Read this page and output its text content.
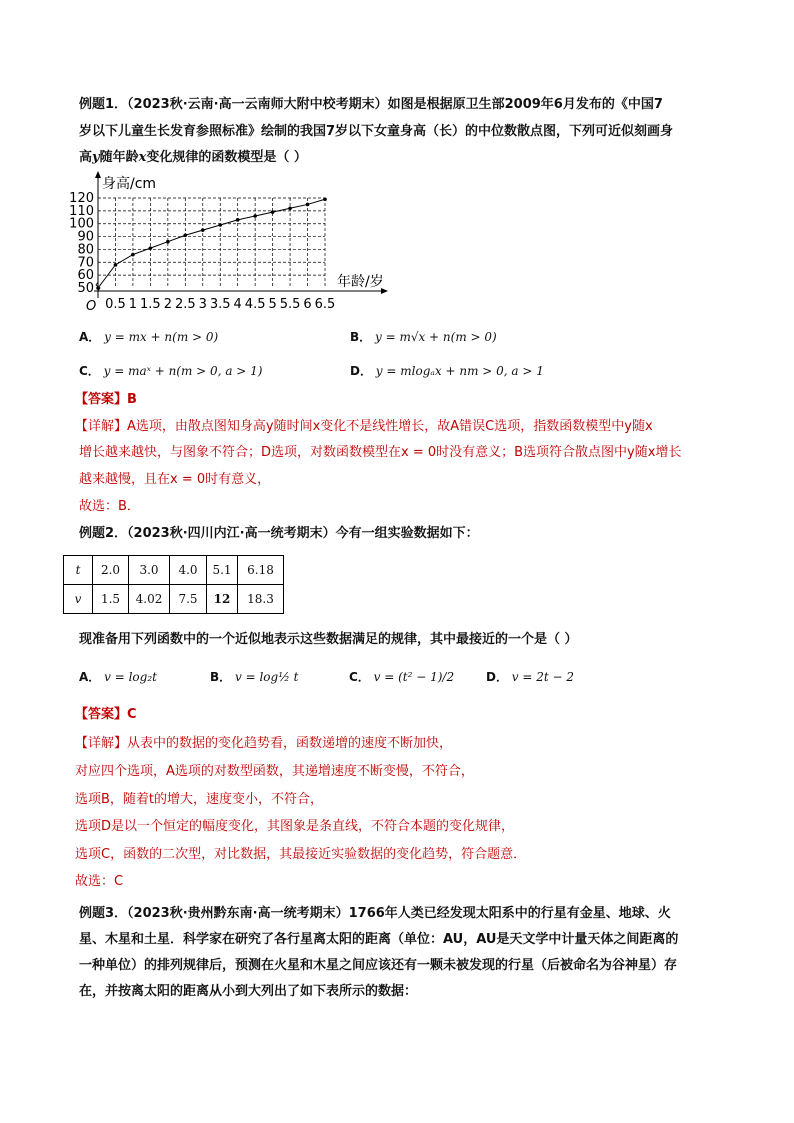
例题1．（2023秋·云南·高一云南师大附中校考期末）如图是根据原卫生部2009年6月发布的《中国7
岁以下儿童生长发育参照标准》绘制的我国7岁以下女童身高（长）的中位数散点图，下列可近似刻画身
高y随年龄x变化规律的函数模型是（ ）
50
60
70
80
90
100
110
120
0.5 1 1.5 2 2.5 3 3.5 4 4.5 5 5.5 6 6.5
O
身高/cm
年龄/岁
A． y = mx + n(m > 0)	B． y = m√x + n(m > 0)
C． y = maˣ + n(m > 0, a > 1)	D． y = mlogₐx + nm > 0, a > 1
【答案】B
【详解】A选项，由散点图知身高y随时间x变化不是线性增长，故A错误C选项，指数函数模型中y随x
增长越来越快，与图象不符合；D选项，对数函数模型在x = 0时没有意义；B选项符合散点图中y随x增长
越来越慢，且在x = 0时有意义，
故选：B．
例题2．（2023秋·四川内江·高一统考期末）今有一组实验数据如下：
t	2.0	3.0	4.0	5.1	6.18
v	1.5	4.02	7.5	12	18.3
现准备用下列函数中的一个近似地表示这些数据满足的规律，其中最接近的一个是（ ）
A． v = log₂t	B． v = log½ t	C． v = (t² − 1)/2	D． v = 2t − 2
【答案】C
【详解】从表中的数据的变化趋势看，函数递增的速度不断加快，
对应四个选项，A选项的对数型函数，其递增速度不断变慢，不符合，
选项B，随着t的增大，速度变小，不符合，
选项D是以一个恒定的幅度变化，其图象是条直线，不符合本题的变化规律，
选项C，函数的二次型，对比数据，其最接近实验数据的变化趋势，符合题意．
故选：C
例题3．（2023秋·贵州黔东南·高一统考期末）1766年人类已经发现太阳系中的行星有金星、地球、火
星、木星和土星．科学家在研究了各行星离太阳的距离（单位：AU，AU是天文学中计量天体之间距离的
一种单位）的排列规律后，预测在火星和木星之间应该还有一颗未被发现的行星（后被命名为谷神星）存
在，并按离太阳的距离从小到大列出了如下表所示的数据：
